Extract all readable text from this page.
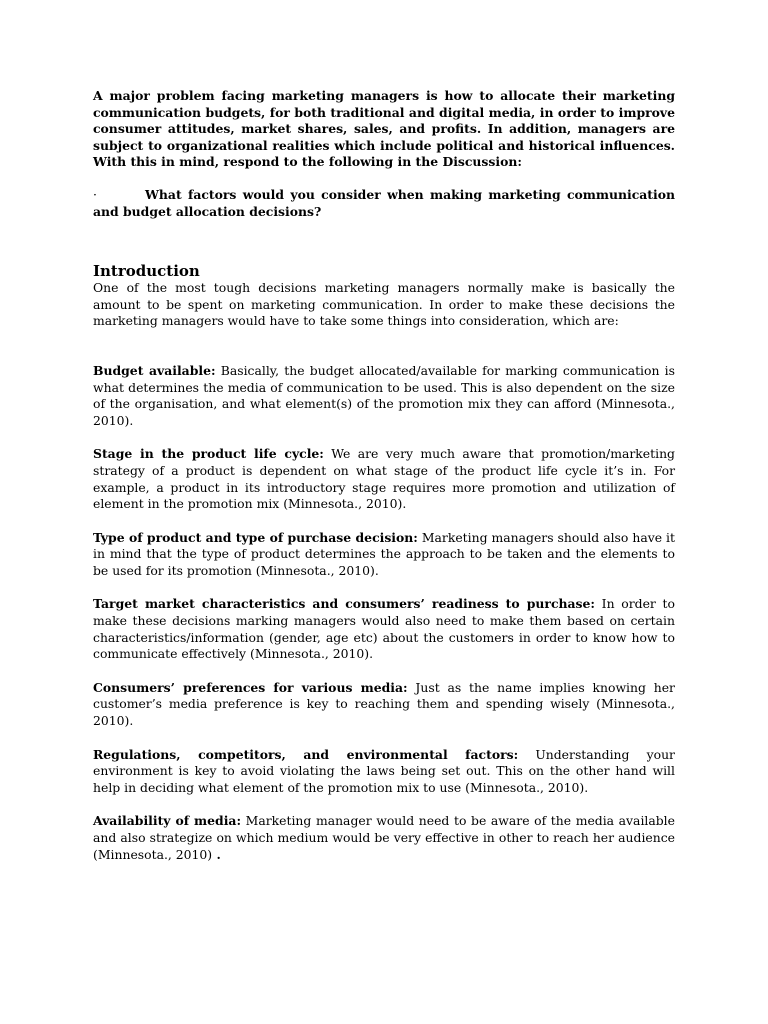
A major problem facing marketing managers is how to allocate their marketing communication budgets, for both traditional and digital media, in order to improve consumer attitudes, market shares, sales, and profits. In addition, managers are subject to organizational realities which include political and historical influences. With this in mind, respond to the following in the Discussion:

·	What factors would you consider when making marketing communication and budget allocation decisions?

Introduction

One of the most tough decisions marketing managers normally make is basically the amount to be spent on marketing communication. In order to make these decisions the marketing managers would have to take some things into consideration, which are:

Budget available: Basically, the budget allocated/available for marking communication is what determines the media of communication to be used. This is also dependent on the size of the organisation, and what element(s) of the promotion mix they can afford (Minnesota., 2010).

Stage in the product life cycle: We are very much aware that promotion/marketing strategy of a product is dependent on what stage of the product life cycle it’s in. For example, a product in its introductory stage requires more promotion and utilization of element in the promotion mix (Minnesota., 2010).

Type of product and type of purchase decision: Marketing managers should also have it in mind that the type of product determines the approach to be taken and the elements to be used for its promotion (Minnesota., 2010).

Target market characteristics and consumers’ readiness to purchase: In order to make these decisions marking managers would also need to make them based on certain characteristics/information (gender, age etc) about the customers in order to know how to communicate effectively (Minnesota., 2010).

Consumers’ preferences for various media: Just as the name implies knowing her customer’s media preference is key to reaching them and spending wisely (Minnesota., 2010).

Regulations, competitors, and environmental factors: Understanding your environment is key to avoid violating the laws being set out. This on the other hand will help in deciding what element of the promotion mix to use (Minnesota., 2010).

Availability of media: Marketing manager would need to be aware of the media available and also strategize on which medium would be very effective in other to reach her audience (Minnesota., 2010) .
